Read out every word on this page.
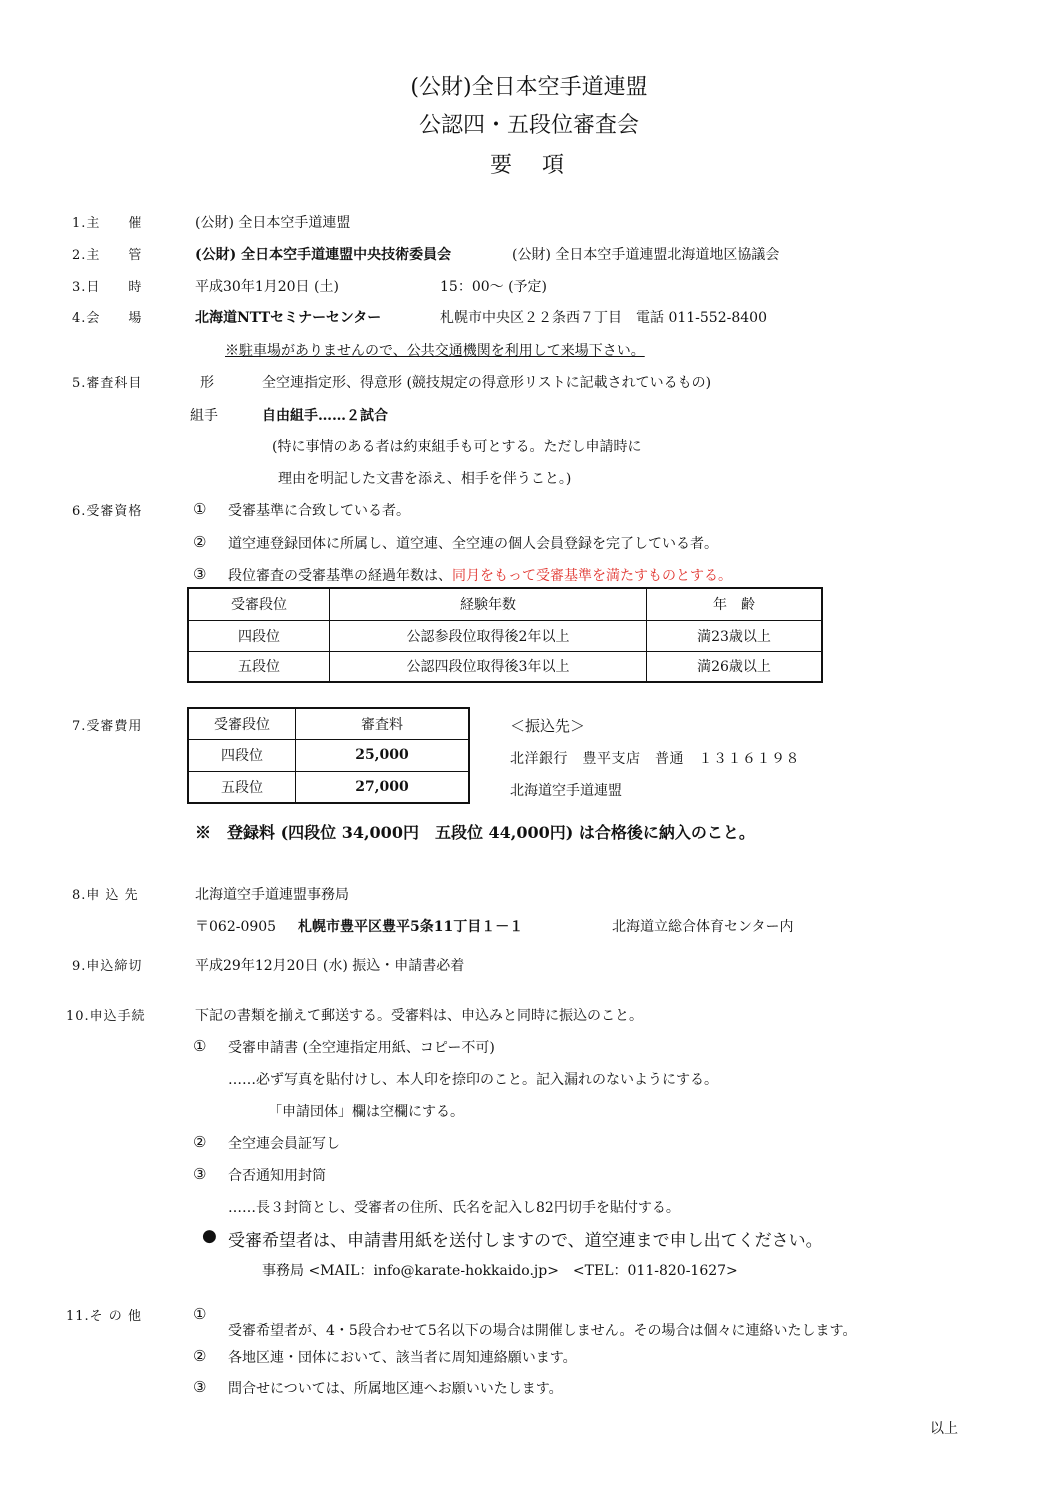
(公財)全日本空手道連盟
公認四・五段位審査会
要　項
1.主　　催	(公財) 全日本空手道連盟
2.主　　管	(公財) 全日本空手道連盟中央技術委員会	(公財) 全日本空手道連盟北海道地区協議会
3.日　　時	平成30年1月20日 (土)	15：00～ (予定)
4.会　　場	北海道NTTセミナーセンター	札幌市中央区２２条西７丁目　電話 011-552-8400
※駐車場がありませんので、公共交通機関を利用して来場下さい。
5.審査科目	形	全空連指定形、得意形 (競技規定の得意形リストに記載されているもの)
組手	自由組手……２試合
(特に事情のある者は約束組手も可とする。ただし申請時に
理由を明記した文書を添え、相手を伴うこと。)
6.受審資格	① 受審基準に合致している者。
② 道空連登録団体に所属し、道空連、全空連の個人会員登録を完了している者。
③ 段位審査の受審基準の経過年数は、同月をもって受審基準を満たすものとする。
受審段位	経験年数	年　齢
四段位	公認参段位取得後2年以上	満23歳以上
五段位	公認四段位取得後3年以上	満26歳以上
7.受審費用	受審段位	審査料
四段位	25,000
五段位	27,000
＜振込先＞
北洋銀行　豊平支店　普通　１３１６１９８
北海道空手道連盟
※　登録料 (四段位 34,000円　五段位 44,000円) は合格後に納入のこと。
8.申 込 先	北海道空手道連盟事務局
〒062-0905 札幌市豊平区豊平5条11丁目１－１	北海道立総合体育センター内
9.申込締切	平成29年12月20日 (水) 振込・申請書必着
10.申込手続	下記の書類を揃えて郵送する。受審料は、申込みと同時に振込のこと。
① 受審申請書 (全空連指定用紙、コピー不可)
……必ず写真を貼付けし、本人印を捺印のこと。記入漏れのないようにする。
「申請団体」欄は空欄にする。
② 全空連会員証写し
③ 合否通知用封筒
……長３封筒とし、受審者の住所、氏名を記入し82円切手を貼付する。
● 受審希望者は、申請書用紙を送付しますので、道空連まで申し出てください。
事務局 <MAIL：info@karate-hokkaido.jp>　<TEL：011-820-1627>
11.そ の 他	①
受審希望者が、4・5段合わせて5名以下の場合は開催しません。その場合は個々に連絡いたします。
② 各地区連・団体において、該当者に周知連絡願います。
③ 問合せについては、所属地区連へお願いいたします。
以上
